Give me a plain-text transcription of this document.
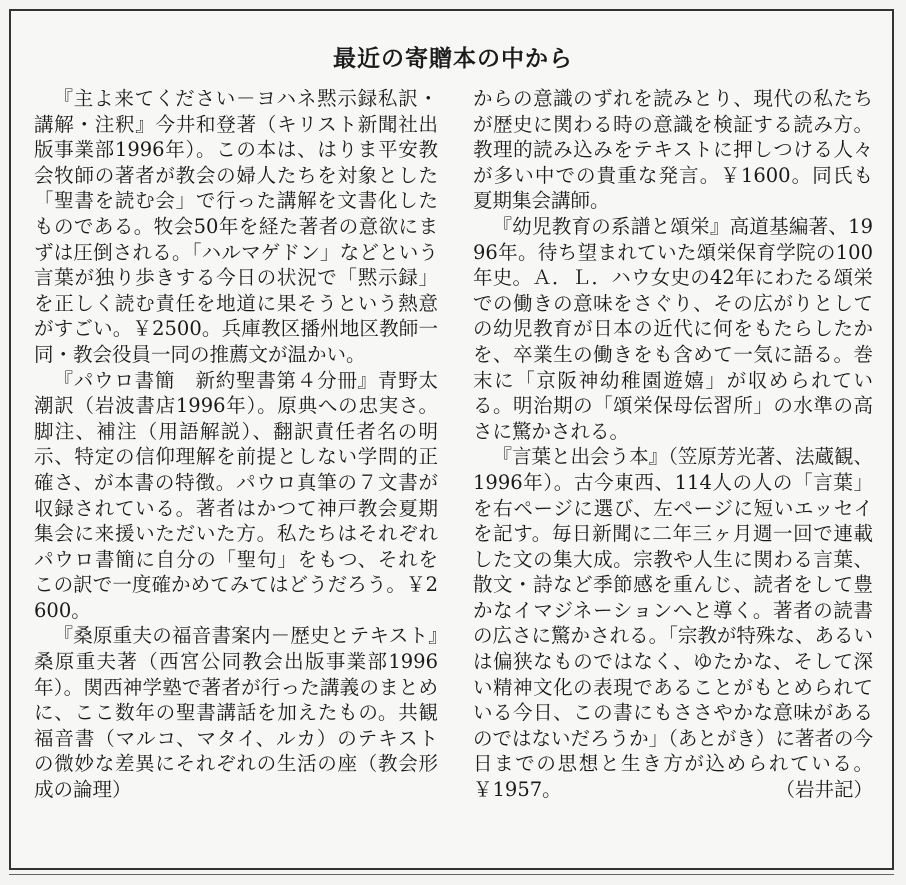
最近の寄贈本の中から

『主よ来てください－ヨハネ黙示録私訳・講解・注釈』今井和登著（キリスト新聞社出版事業部1996年）。この本は、はりま平安教会牧師の著者が教会の婦人たちを対象とした「聖書を読む会」で行った講解を文書化したものである。牧会50年を経た著者の意欲にまずは圧倒される。「ハルマゲドン」などという言葉が独り歩きする今日の状況で「黙示録」を正しく読む責任を地道に果そうという熱意がすごい。￥2500。兵庫教区播州地区教師一同・教会役員一同の推薦文が温かい。

『パウロ書簡　新約聖書第４分冊』青野太潮訳（岩波書店1996年）。原典への忠実さ。脚注、補注（用語解説）、翻訳責任者名の明示、特定の信仰理解を前提としない学問的正確さ、が本書の特徴。パウロ真筆の７文書が収録されている。著者はかつて神戸教会夏期集会に来援いただいた方。私たちはそれぞれパウロ書簡に自分の「聖句」をもつ、それをこの訳で一度確かめてみてはどうだろう。￥2600。

『桑原重夫の福音書案内－歴史とテキスト』桑原重夫著（西宮公同教会出版事業部1996年）。関西神学塾で著者が行った講義のまとめに、ここ数年の聖書講話を加えたもの。共観福音書（マルコ、マタイ、ルカ）のテキストの微妙な差異にそれぞれの生活の座（教会形成の論理）

からの意識のずれを読みとり、現代の私たちが歴史に関わる時の意識を検証する読み方。教理的読み込みをテキストに押しつける人々が多い中での貴重な発言。￥1600。同氏も夏期集会講師。

『幼児教育の系譜と頌栄』高道基編著、1996年。待ち望まれていた頌栄保育学院の100年史。Ａ．Ｌ．ハウ女史の42年にわたる頌栄での働きの意味をさぐり、その広がりとしての幼児教育が日本の近代に何をもたらしたかを、卒業生の働きをも含めて一気に語る。巻末に「京阪神幼稚園遊嬉」が収められている。明治期の「頌栄保母伝習所」の水準の高さに驚かされる。

『言葉と出会う本』（笠原芳光著、法蔵観、1996年）。古今東西、114人の人の「言葉」を右ページに選び、左ページに短いエッセイを記す。毎日新聞に二年三ヶ月週一回で連載した文の集大成。宗教や人生に関わる言葉、散文・詩など季節感を重んじ、読者をして豊かなイマジネーションへと導く。著者の読書の広さに驚かされる。「宗教が特殊な、あるいは偏狭なものではなく、ゆたかな、そして深い精神文化の表現であることがもとめられている今日、この書にもささやかな意味があるのではないだろうか」（あとがき）に著者の今日までの思想と生き方が込められている。￥1957。	（岩井記）
